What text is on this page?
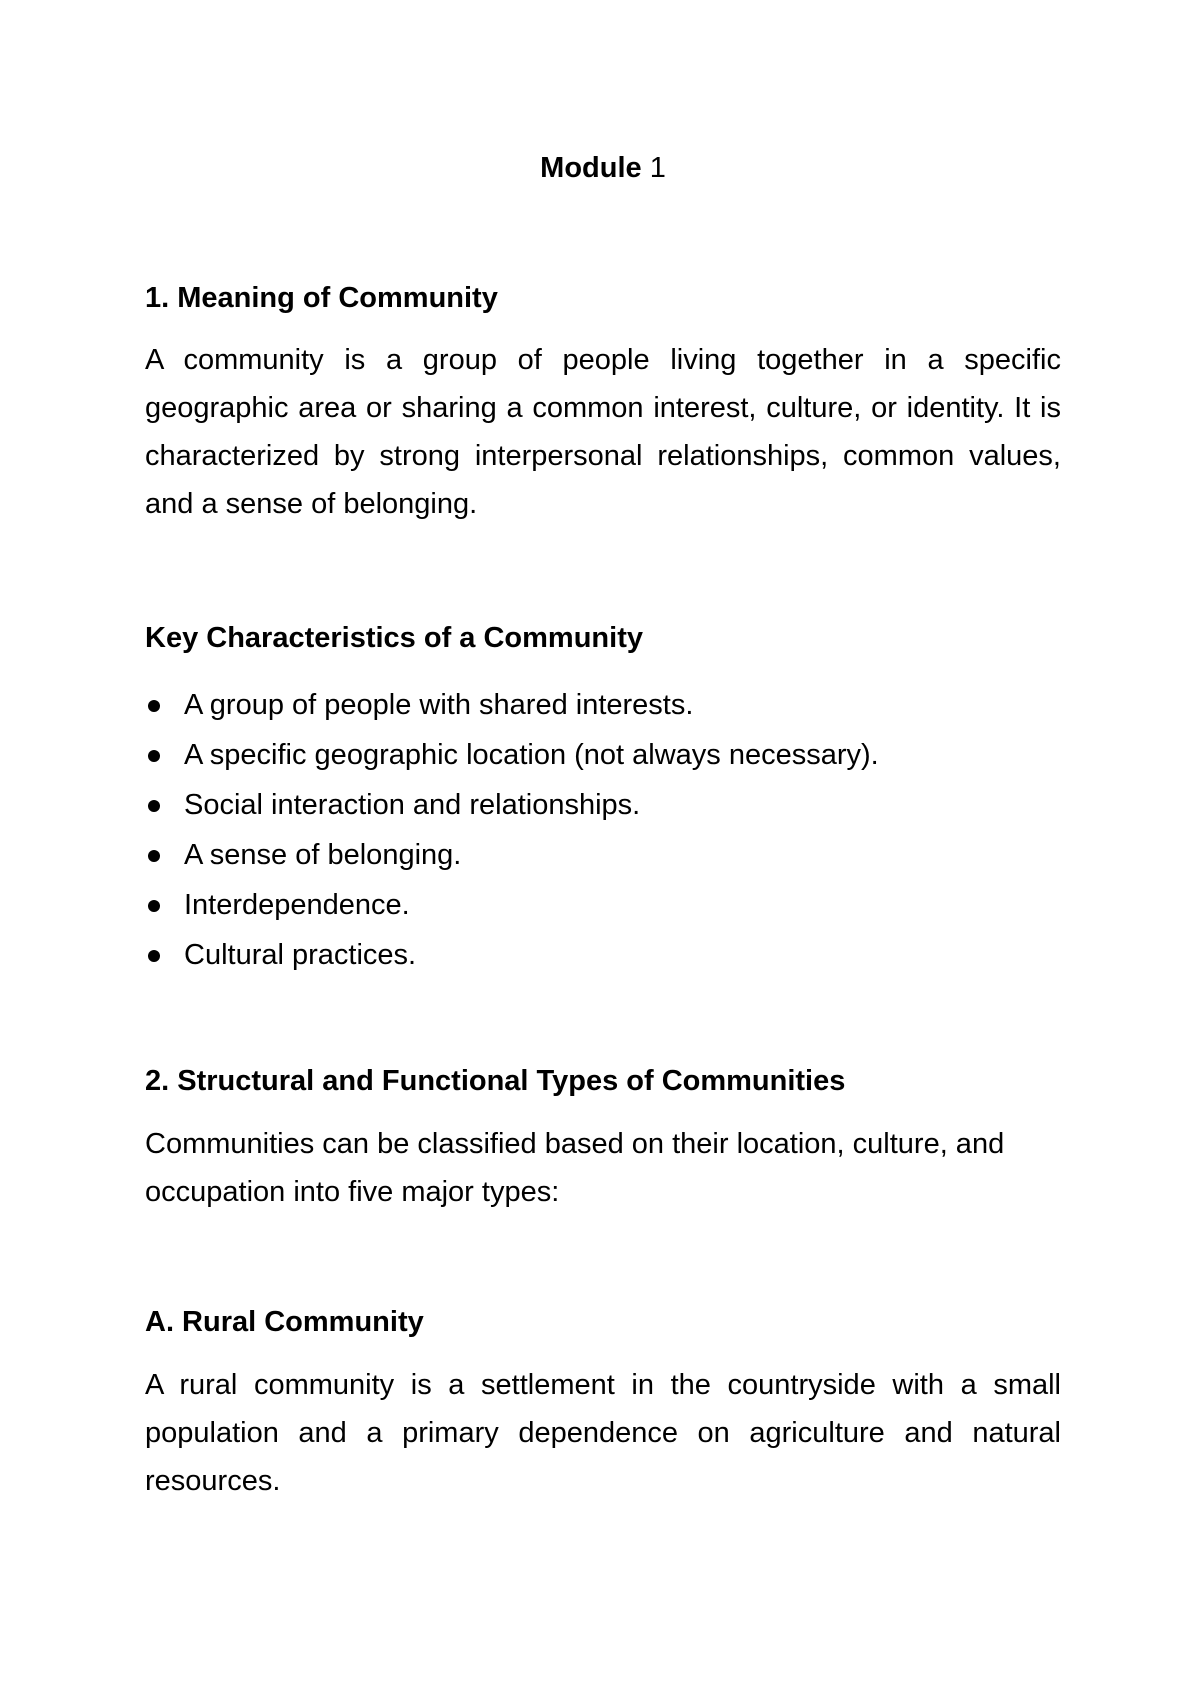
Module 1
1. Meaning of Community
A community is a group of people living together in a specific geographic area or sharing a common interest, culture, or identity. It is characterized by strong interpersonal relationships, common values, and a sense of belonging.
Key Characteristics of a Community
A group of people with shared interests.
A specific geographic location (not always necessary).
Social interaction and relationships.
A sense of belonging.
Interdependence.
Cultural practices.
2. Structural and Functional Types of Communities
Communities can be classified based on their location, culture, and occupation into five major types:
A. Rural Community
A rural community is a settlement in the countryside with a small population and a primary dependence on agriculture and natural resources.
